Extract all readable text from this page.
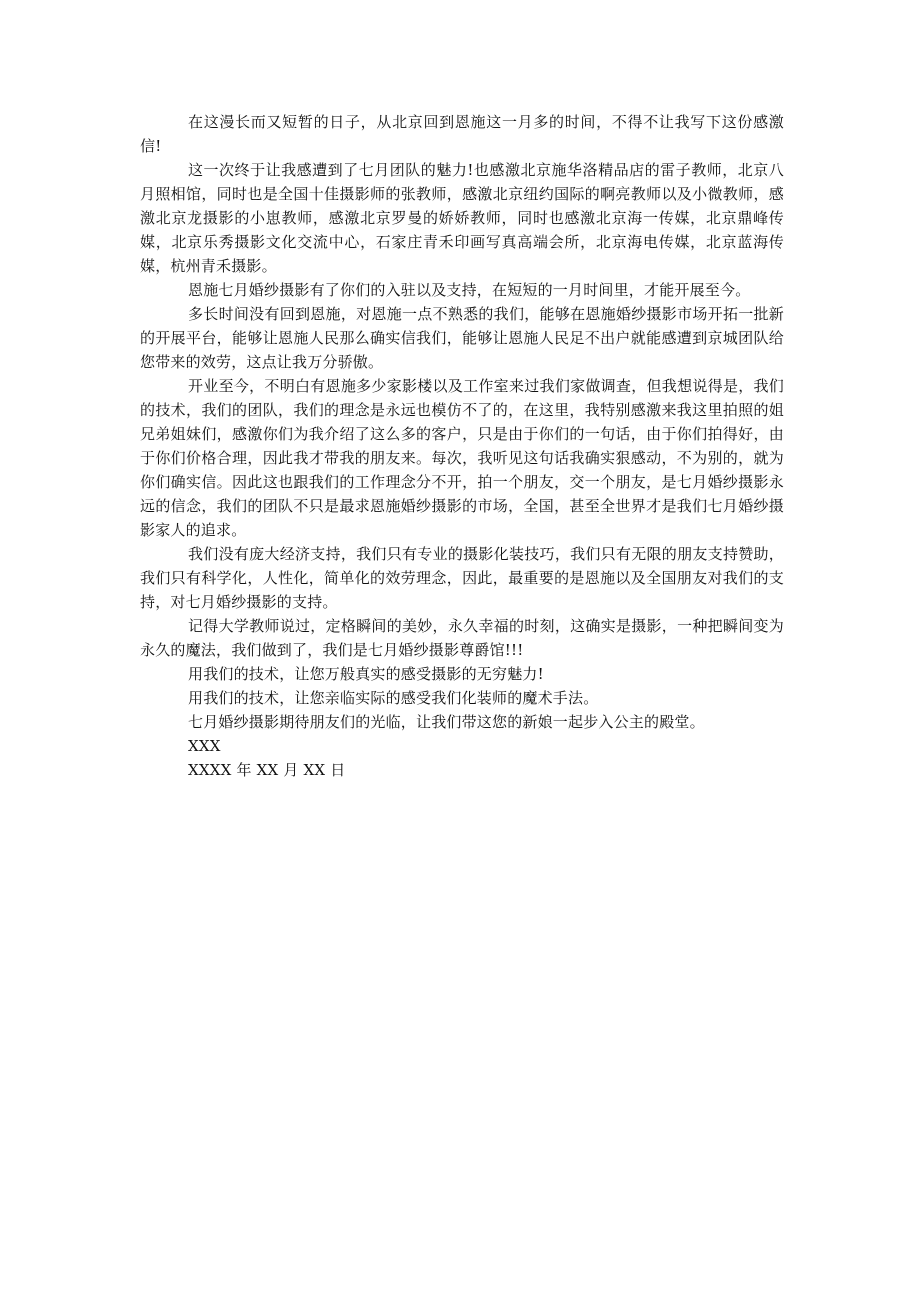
在这漫长而又短暂的日子，从北京回到恩施这一月多的时间，不得不让我写下这份感激信!

这一次终于让我感遭到了七月团队的魅力!也感激北京施华洛精品店的雷子教师，北京八月照相馆，同时也是全国十佳摄影师的张教师，感激北京纽约国际的啊亮教师以及小微教师，感激北京龙摄影的小崽教师，感激北京罗曼的娇娇教师，同时也感激北京海一传媒，北京鼎峰传媒，北京乐秀摄影文化交流中心，石家庄青禾印画写真高端会所，北京海电传媒，北京蓝海传媒，杭州青禾摄影。

恩施七月婚纱摄影有了你们的入驻以及支持，在短短的一月时间里，才能开展至今。

多长时间没有回到恩施，对恩施一点不熟悉的我们，能够在恩施婚纱摄影市场开拓一批新的开展平台，能够让恩施人民那么确实信我们，能够让恩施人民足不出户就能感遭到京城团队给您带来的效劳，这点让我万分骄傲。

开业至今，不明白有恩施多少家影楼以及工作室来过我们家做调查，但我想说得是，我们的技术，我们的团队，我们的理念是永远也模仿不了的，在这里，我特别感激来我这里拍照的姐兄弟姐妹们，感激你们为我介绍了这么多的客户，只是由于你们的一句话，由于你们拍得好，由于你们价格合理，因此我才带我的朋友来。每次，我听见这句话我确实狠感动，不为别的，就为你们确实信。因此这也跟我们的工作理念分不开，拍一个朋友，交一个朋友，是七月婚纱摄影永远的信念，我们的团队不只是最求恩施婚纱摄影的市场，全国，甚至全世界才是我们七月婚纱摄影家人的追求。

我们没有庞大经济支持，我们只有专业的摄影化装技巧，我们只有无限的朋友支持赞助，我们只有科学化，人性化，简单化的效劳理念，因此，最重要的是恩施以及全国朋友对我们的支持，对七月婚纱摄影的支持。

记得大学教师说过，定格瞬间的美妙，永久幸福的时刻，这确实是摄影，一种把瞬间变为永久的魔法，我们做到了，我们是七月婚纱摄影尊爵馆!!!

用我们的技术，让您万般真实的感受摄影的无穷魅力!

用我们的技术，让您亲临实际的感受我们化装师的魔术手法。

七月婚纱摄影期待朋友们的光临，让我们带这您的新娘一起步入公主的殿堂。

XXX

XXXX 年 XX 月 XX 日
